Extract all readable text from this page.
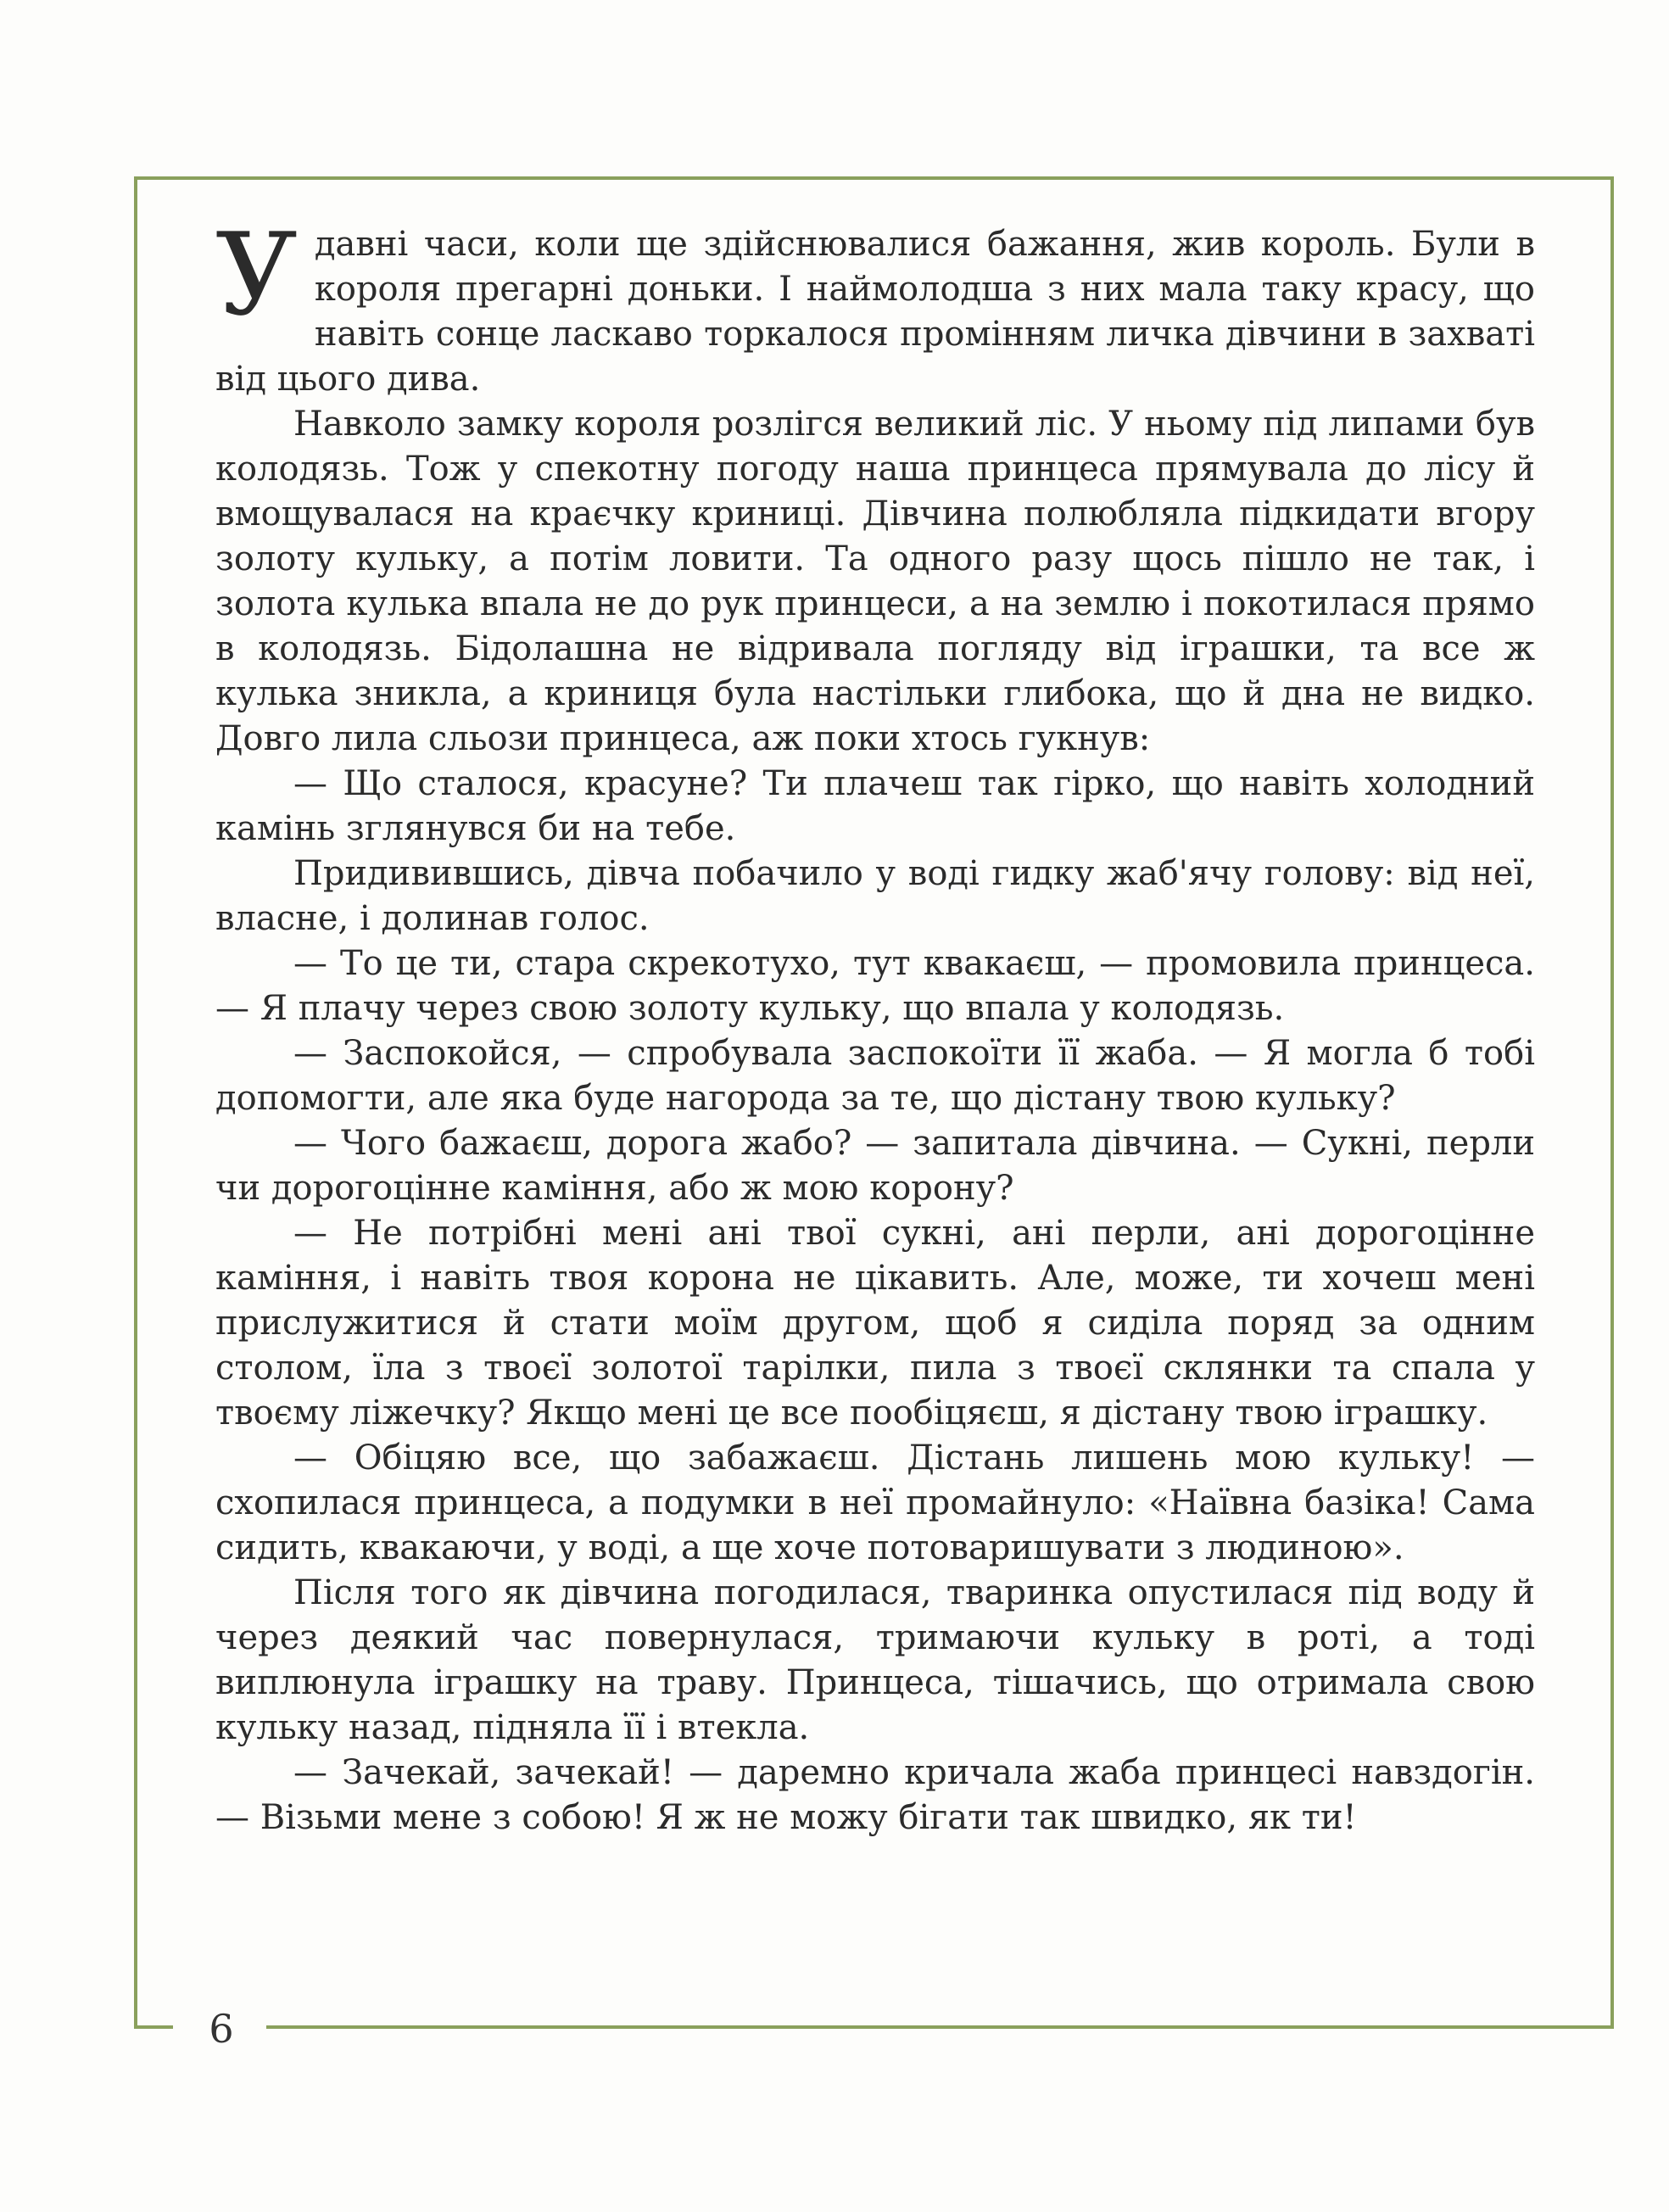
6

У давні часи, коли ще здійснювалися бажання, жив король. Були в короля прегарні доньки. І наймолодша з них мала таку красу, що навіть сонце ласкаво торкалося промінням личка дівчини в захваті від цього дива.

Навколо замку короля розлігся великий ліс. У ньому під липами був колодязь. Тож у спекотну погоду наша принцеса прямувала до лісу й вмощувалася на краєчку криниці. Дівчина полюбляла підкидати вгору золоту кульку, а потім ловити. Та одного разу щось пішло не так, і золота кулька впала не до рук принцеси, а на землю і покотилася прямо в колодязь. Бідолашна не відривала погляду від іграшки, та все ж кулька зникла, а криниця була настільки глибока, що й дна не видко. Довго лила сльози принцеса, аж поки хтось гукнув:

— Що сталося, красуне? Ти плачеш так гірко, що навіть холодний камінь зглянувся би на тебе.

Придивившись, дівча побачило у воді гидку жаб'ячу голову: від неї, власне, і долинав голос.

— То це ти, стара скрекотухо, тут квакаєш, — промовила принцеса. — Я плачу через свою золоту кульку, що впала у колодязь.

— Заспокойся, — спробувала заспокоїти її жаба. — Я могла б тобі допомогти, але яка буде нагорода за те, що дістану твою кульку?

— Чого бажаєш, дорога жабо? — запитала дівчина. — Сукні, перли чи дорогоцінне каміння, або ж мою корону?

— Не потрібні мені ані твої сукні, ані перли, ані дорогоцінне каміння, і навіть твоя корона не цікавить. Але, може, ти хочеш мені прислужитися й стати моїм другом, щоб я сиділа поряд за одним столом, їла з твоєї золотої тарілки, пила з твоєї склянки та спала у твоєму ліжечку? Якщо мені це все пообіцяєш, я дістану твою іграшку.

— Обіцяю все, що забажаєш. Дістань лишень мою кульку! — схопилася принцеса, а подумки в неї промайнуло: «Наївна базіка! Сама сидить, квакаючи, у воді, а ще хоче потоваришувати з людиною».

Після того як дівчина погодилася, тваринка опустилася під воду й через деякий час повернулася, тримаючи кульку в роті, а тоді виплюнула іграшку на траву. Принцеса, тішачись, що отримала свою кульку назад, підняла її і втекла.

— Зачекай, зачекай! — даремно кричала жаба принцесі навздогін. — Візьми мене з собою! Я ж не можу бігати так швидко, як ти!
